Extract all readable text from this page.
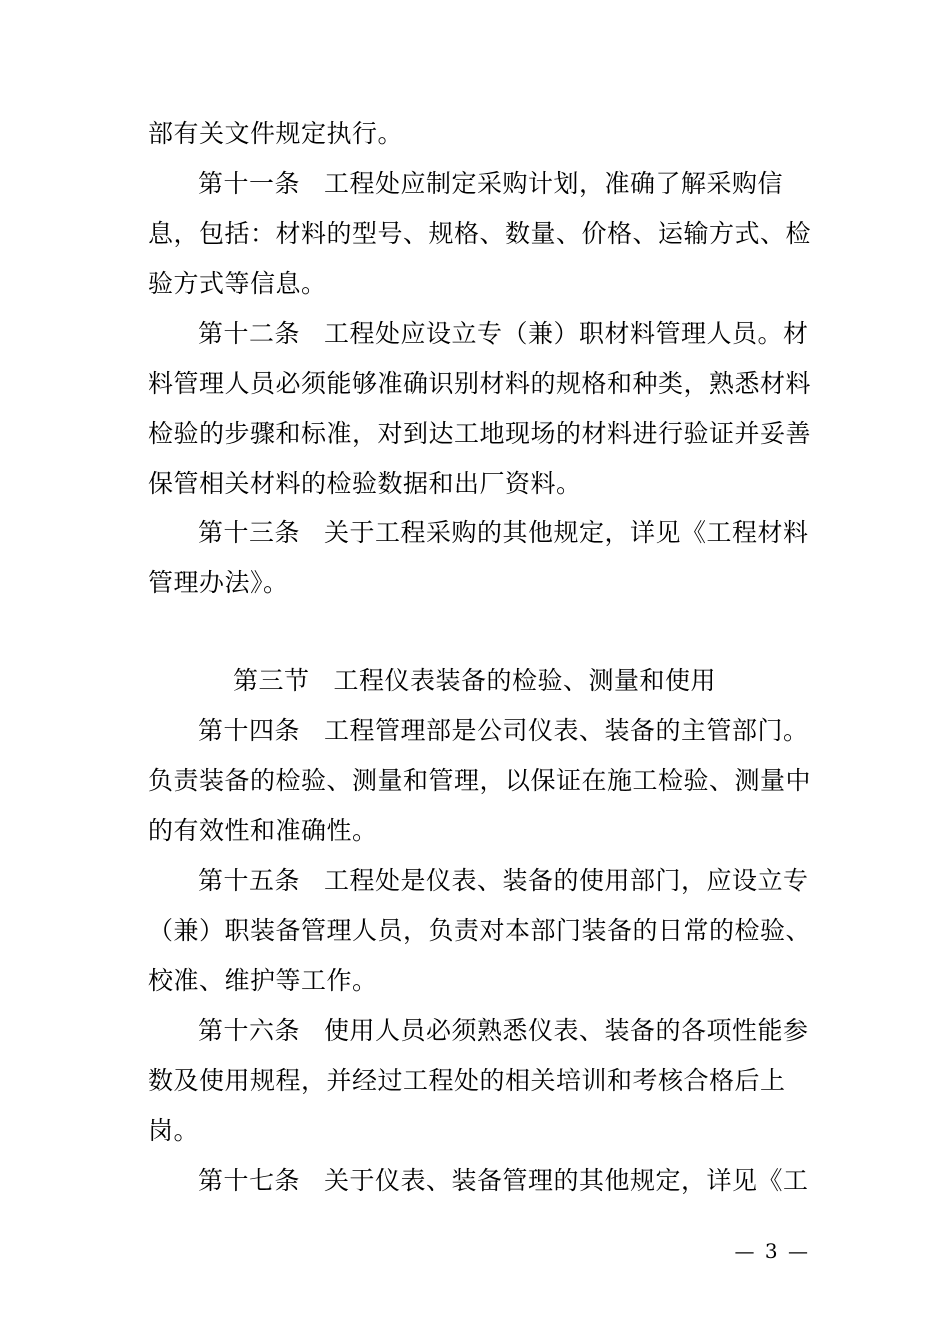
部有关文件规定执行。
第十一条 工程处应制定采购计划，准确了解采购信
息，包括：材料的型号、规格、数量、价格、运输方式、检
验方式等信息。
第十二条 工程处应设立专（兼）职材料管理人员。材
料管理人员必须能够准确识别材料的规格和种类，熟悉材料
检验的步骤和标准，对到达工地现场的材料进行验证并妥善
保管相关材料的检验数据和出厂资料。
第十三条 关于工程采购的其他规定，详见《工程材料
管理办法》。
第三节 工程仪表装备的检验、测量和使用
第十四条 工程管理部是公司仪表、装备的主管部门。
负责装备的检验、测量和管理，以保证在施工检验、测量中
的有效性和准确性。
第十五条 工程处是仪表、装备的使用部门，应设立专
（兼）职装备管理人员，负责对本部门装备的日常的检验、
校准、维护等工作。
第十六条 使用人员必须熟悉仪表、装备的各项性能参
数及使用规程，并经过工程处的相关培训和考核合格后上
岗。
第十七条 关于仪表、装备管理的其他规定，详见《工
— 3 —
